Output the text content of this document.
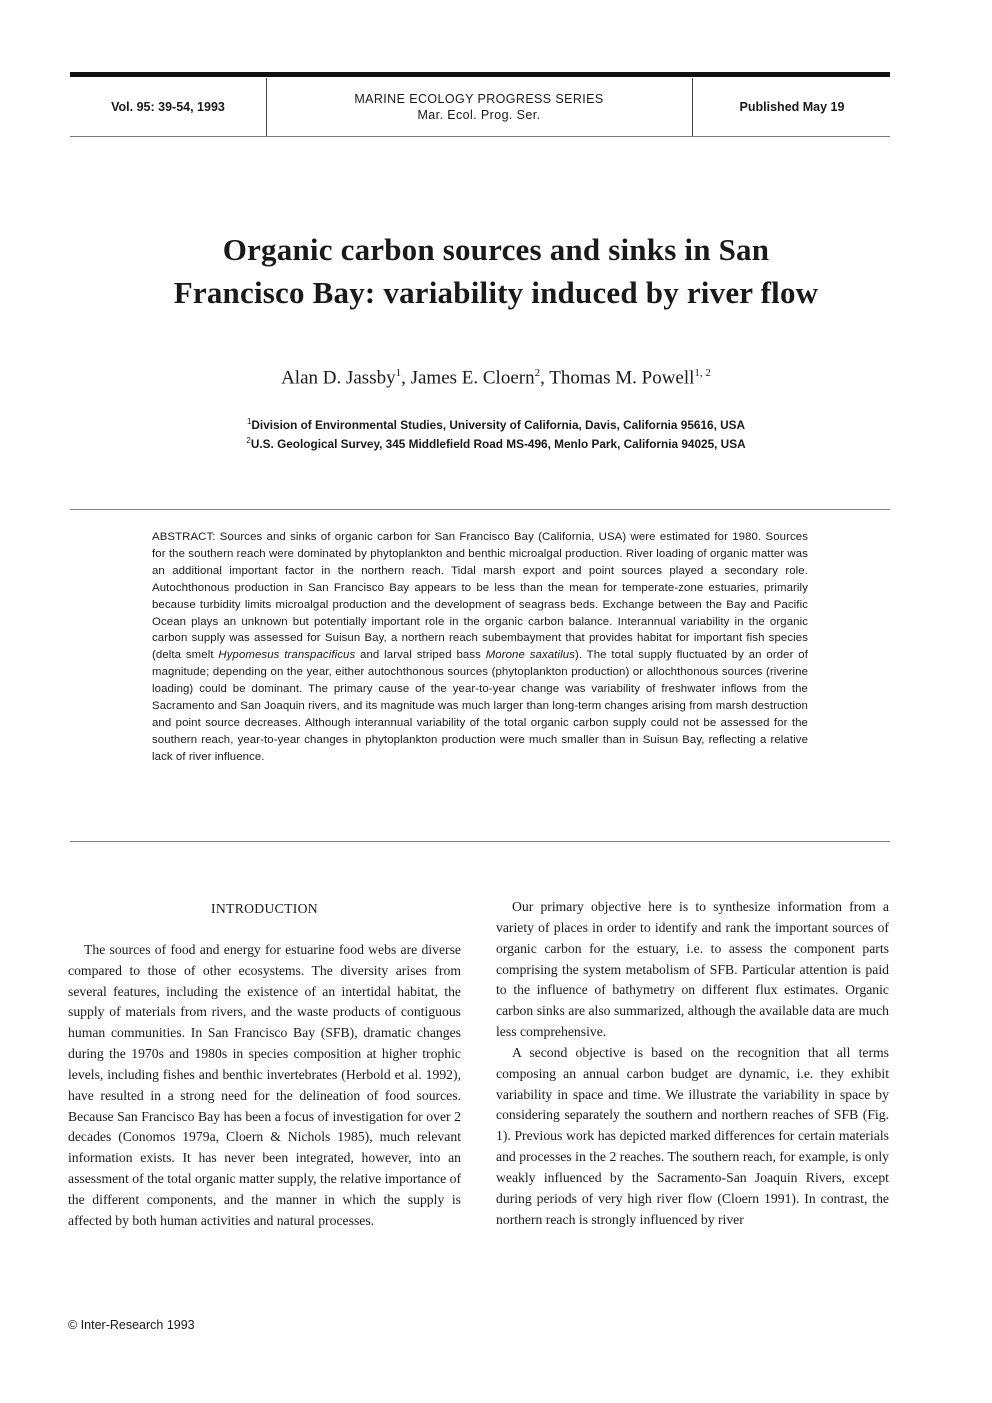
Vol. 95: 39-54, 1993
MARINE ECOLOGY PROGRESS SERIES
Mar. Ecol. Prog. Ser.
Published May 19
Organic carbon sources and sinks in San
Francisco Bay: variability induced by river flow
Alan D. Jassby$^1$, James E. Cloern$^2$, Thomas M. Powell$^{1, 2}$
$^1$Division of Environmental Studies, University of California, Davis, California 95616, USA
$^2$U.S. Geological Survey, 345 Middlefield Road MS-496, Menlo Park, California 94025, USA

ABSTRACT: Sources and sinks of organic carbon for San Francisco Bay (California, USA) were estimated for 1980. Sources for the southern reach were dominated by phytoplankton and benthic microalgal production. River loading of organic matter was an additional important factor in the northern reach. Tidal marsh export and point sources played a secondary role. Autochthonous production in San Francisco Bay appears to be less than the mean for temperate-zone estuaries, primarily because turbidity limits microalgal production and the development of seagrass beds. Exchange between the Bay and Pacific Ocean plays an unknown but potentially important role in the organic carbon balance. Interannual variability in the organic carbon supply was assessed for Suisun Bay, a northern reach subembayment that provides habitat for important fish species (delta smelt Hypomesus transpacificus and larval striped bass Morone saxatilus). The total supply fluctuated by an order of magnitude; depending on the year, either autochthonous sources (phytoplankton production) or allochthonous sources (riverine loading) could be dominant. The primary cause of the year-to-year change was variability of freshwater inflows from the Sacramento and San Joaquin rivers, and its magnitude was much larger than long-term changes arising from marsh destruction and point source decreases. Although interannual variability of the total organic carbon supply could not be assessed for the southern reach, year-to-year changes in phytoplankton production were much smaller than in Suisun Bay, reflecting a relative lack of river influence.

INTRODUCTION

The sources of food and energy for estuarine food webs are diverse compared to those of other ecosystems. The diversity arises from several features, including the existence of an intertidal habitat, the supply of materials from rivers, and the waste products of contiguous human communities. In San Francisco Bay (SFB), dramatic changes during the 1970s and 1980s in species composition at higher trophic levels, including fishes and benthic invertebrates (Herbold et al. 1992), have resulted in a strong need for the delineation of food sources. Because San Francisco Bay has been a focus of investigation for over 2 decades (Conomos 1979a, Cloern & Nichols 1985), much relevant information exists. It has never been integrated, however, into an assessment of the total organic matter supply, the relative importance of the different components, and the manner in which the supply is affected by both human activities and natural processes.

Our primary objective here is to synthesize information from a variety of places in order to identify and rank the important sources of organic carbon for the estuary, i.e. to assess the component parts comprising the system metabolism of SFB. Particular attention is paid to the influence of bathymetry on different flux estimates. Organic carbon sinks are also summarized, although the available data are much less comprehensive.

A second objective is based on the recognition that all terms composing an annual carbon budget are dynamic, i.e. they exhibit variability in space and time. We illustrate the variability in space by considering separately the southern and northern reaches of SFB (Fig. 1). Previous work has depicted marked differences for certain materials and processes in the 2 reaches. The southern reach, for example, is only weakly influenced by the Sacramento-San Joaquin Rivers, except during periods of very high river flow (Cloern 1991). In contrast, the northern reach is strongly influenced by river

© Inter-Research 1993
